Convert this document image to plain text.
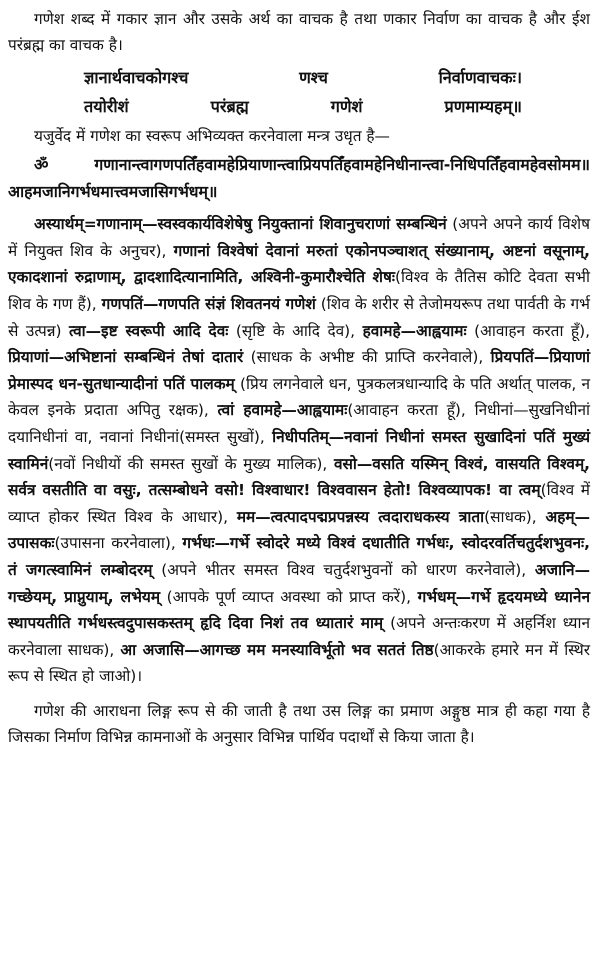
गणेश शब्द में गकार ज्ञान और उसके अर्थ का वाचक है तथा णकार निर्वाण का वाचक है और ईश परंब्रह्म का वाचक है।

ज्ञानार्थवाचकोगश्च	णश्च	निर्वाणवाचकः।
तयोरीशं	परंब्रह्म	गणेशं	प्रणमाम्यहम्॥

यजुर्वेद में गणेश का स्वरूप अभिव्यक्त करनेवाला मन्त्र उधृत है—

ॐ गणानान्त्वागणपतिँहवामहेप्रियाणान्त्वाप्रियपतिँहवामहेनिधीनान्त्वा-निधिपतिँहवामहेवसोमम॥ आहमजानिगर्भधमात्त्वमजासिगर्भधम्॥

अस्यार्थम्=गणानाम्—स्वस्वकार्यविशेषेषु नियुक्तानां शिवानुचराणां सम्बन्धिनं (अपने अपने कार्य विशेष में नियुक्त शिव के अनुचर), गणानां विश्वेषां देवानां मरुतां एकोनपञ्चाशत् संख्यानाम्, अष्टनां वसूनाम्, एकादशानां रुद्राणाम्, द्वादशादित्यानामिति, अश्विनी-कुमारौश्चेति शेषः(विश्व के तैतिस कोटि देवता सभी शिव के गण हैं), गणपतिं—गणपति संज्ञं शिवतनयं गणेशं (शिव के शरीर से तेजोमयरूप तथा पार्वती के गर्भ से उत्पन्न) त्वा—इष्ट स्वरूपी आदि देवः (सृष्टि के आदि देव), हवामहे—आह्वयामः (आवाहन करता हूँ), प्रियाणां—अभिष्टानां सम्बन्धिनं तेषां दातारं (साधक के अभीष्ट की प्राप्ति करनेवाले), प्रियपतिं—प्रियाणां प्रेमास्पद धन-सुतधान्यादीनां पतिं पालकम् (प्रिय लगनेवाले धन, पुत्रकलत्रधान्यादि के पति अर्थात् पालक, न केवल इनके प्रदाता अपितु रक्षक), त्वां हवामहे—आह्वयामः(आवाहन करता हूँ), निधीनां—सुखनिधीनां दयानिधीनां वा, नवानां निधीनां(समस्त सुखों), निधीपतिम्—नवानां निधीनां समस्त सुखादिनां पतिं मुख्यं स्वामिनं(नवों निधीयों की समस्त सुखों के मुख्य मालिक), वसो—वसति यस्मिन् विश्वं, वासयति विश्वम्, सर्वत्र वसतीति वा वसुः, तत्सम्बोधने वसो! विश्वाधार! विश्ववासन हेतो! विश्वव्यापक! वा त्वम्(विश्व में व्याप्त होकर स्थित विश्व के आधार), मम—त्वत्पादपद्मप्रपन्नस्य त्वदाराधकस्य त्राता(साधक), अहम्—उपासकः(उपासना करनेवाला), गर्भधः—गर्भे स्वोदरे मध्ये विश्वं दधातीति गर्भधः, स्वोदरवर्तिचतुर्दशभुवनः, तं जगत्स्वामिनं लम्बोदरम् (अपने भीतर समस्त विश्व चतुर्दशभुवनों को धारण करनेवाले), अजानि—गच्छेयम्, प्राप्नुयाम्, लभेयम् (आपके पूर्ण व्याप्त अवस्था को प्राप्त करें), गर्भधम्—गर्भे हृदयमध्ये ध्यानेन स्थापयतीति गर्भधस्त्वदुपासकस्तम् हृदि दिवा निशं तव ध्यातारं माम् (अपने अन्तःकरण में अहर्निश ध्यान करनेवाला साधक), आ अजासि—आगच्छ मम मनस्याविर्भूतो भव सततं तिष्ठ(आकरके हमारे मन में स्थिर रूप से स्थित हो जाओ)।

गणेश की आराधना लिङ्ग रूप से की जाती है तथा उस लिङ्ग का प्रमाण अङ्गुष्ठ मात्र ही कहा गया है जिसका निर्माण विभिन्न कामनाओं के अनुसार विभिन्न पार्थिव पदार्थों से किया जाता है।
